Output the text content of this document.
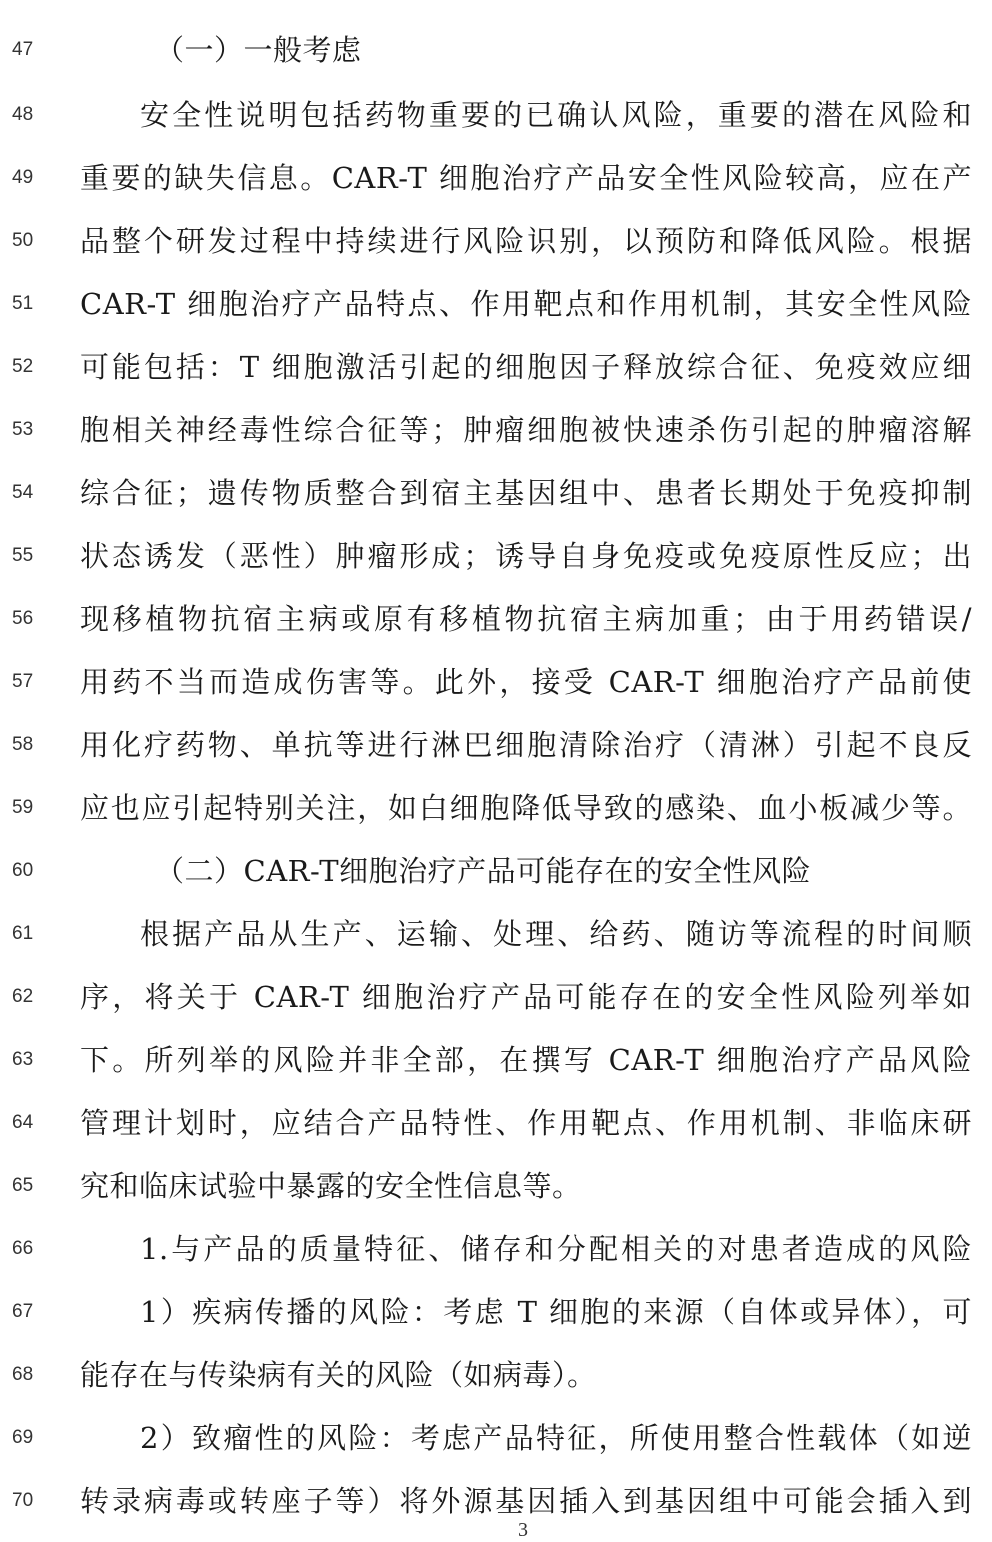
47	（一）一般考虑
48	安全性说明包括药物重要的已确认风险，重要的潜在风险和
49	重要的缺失信息。CAR-T 细胞治疗产品安全性风险较高，应在产
50	品整个研发过程中持续进行风险识别，以预防和降低风险。根据
51	CAR-T 细胞治疗产品特点、作用靶点和作用机制，其安全性风险
52	可能包括：T 细胞激活引起的细胞因子释放综合征、免疫效应细
53	胞相关神经毒性综合征等；肿瘤细胞被快速杀伤引起的肿瘤溶解
54	综合征；遗传物质整合到宿主基因组中、患者长期处于免疫抑制
55	状态诱发（恶性）肿瘤形成；诱导自身免疫或免疫原性反应；出
56	现移植物抗宿主病或原有移植物抗宿主病加重；由于用药错误/
57	用药不当而造成伤害等。此外，接受 CAR-T 细胞治疗产品前使
58	用化疗药物、单抗等进行淋巴细胞清除治疗（清淋）引起不良反
59	应也应引起特别关注，如白细胞降低导致的感染、血小板减少等。
60	（二）CAR-T细胞治疗产品可能存在的安全性风险
61	根据产品从生产、运输、处理、给药、随访等流程的时间顺
62	序，将关于 CAR-T 细胞治疗产品可能存在的安全性风险列举如
63	下。所列举的风险并非全部，在撰写 CAR-T 细胞治疗产品风险
64	管理计划时，应结合产品特性、作用靶点、作用机制、非临床研
65	究和临床试验中暴露的安全性信息等。
66	1.与产品的质量特征、储存和分配相关的对患者造成的风险
67	1）疾病传播的风险：考虑 T 细胞的来源（自体或异体），可
68	能存在与传染病有关的风险（如病毒）。
69	2）致瘤性的风险：考虑产品特征，所使用整合性载体（如逆
70	转录病毒或转座子等）将外源基因插入到基因组中可能会插入到
3
